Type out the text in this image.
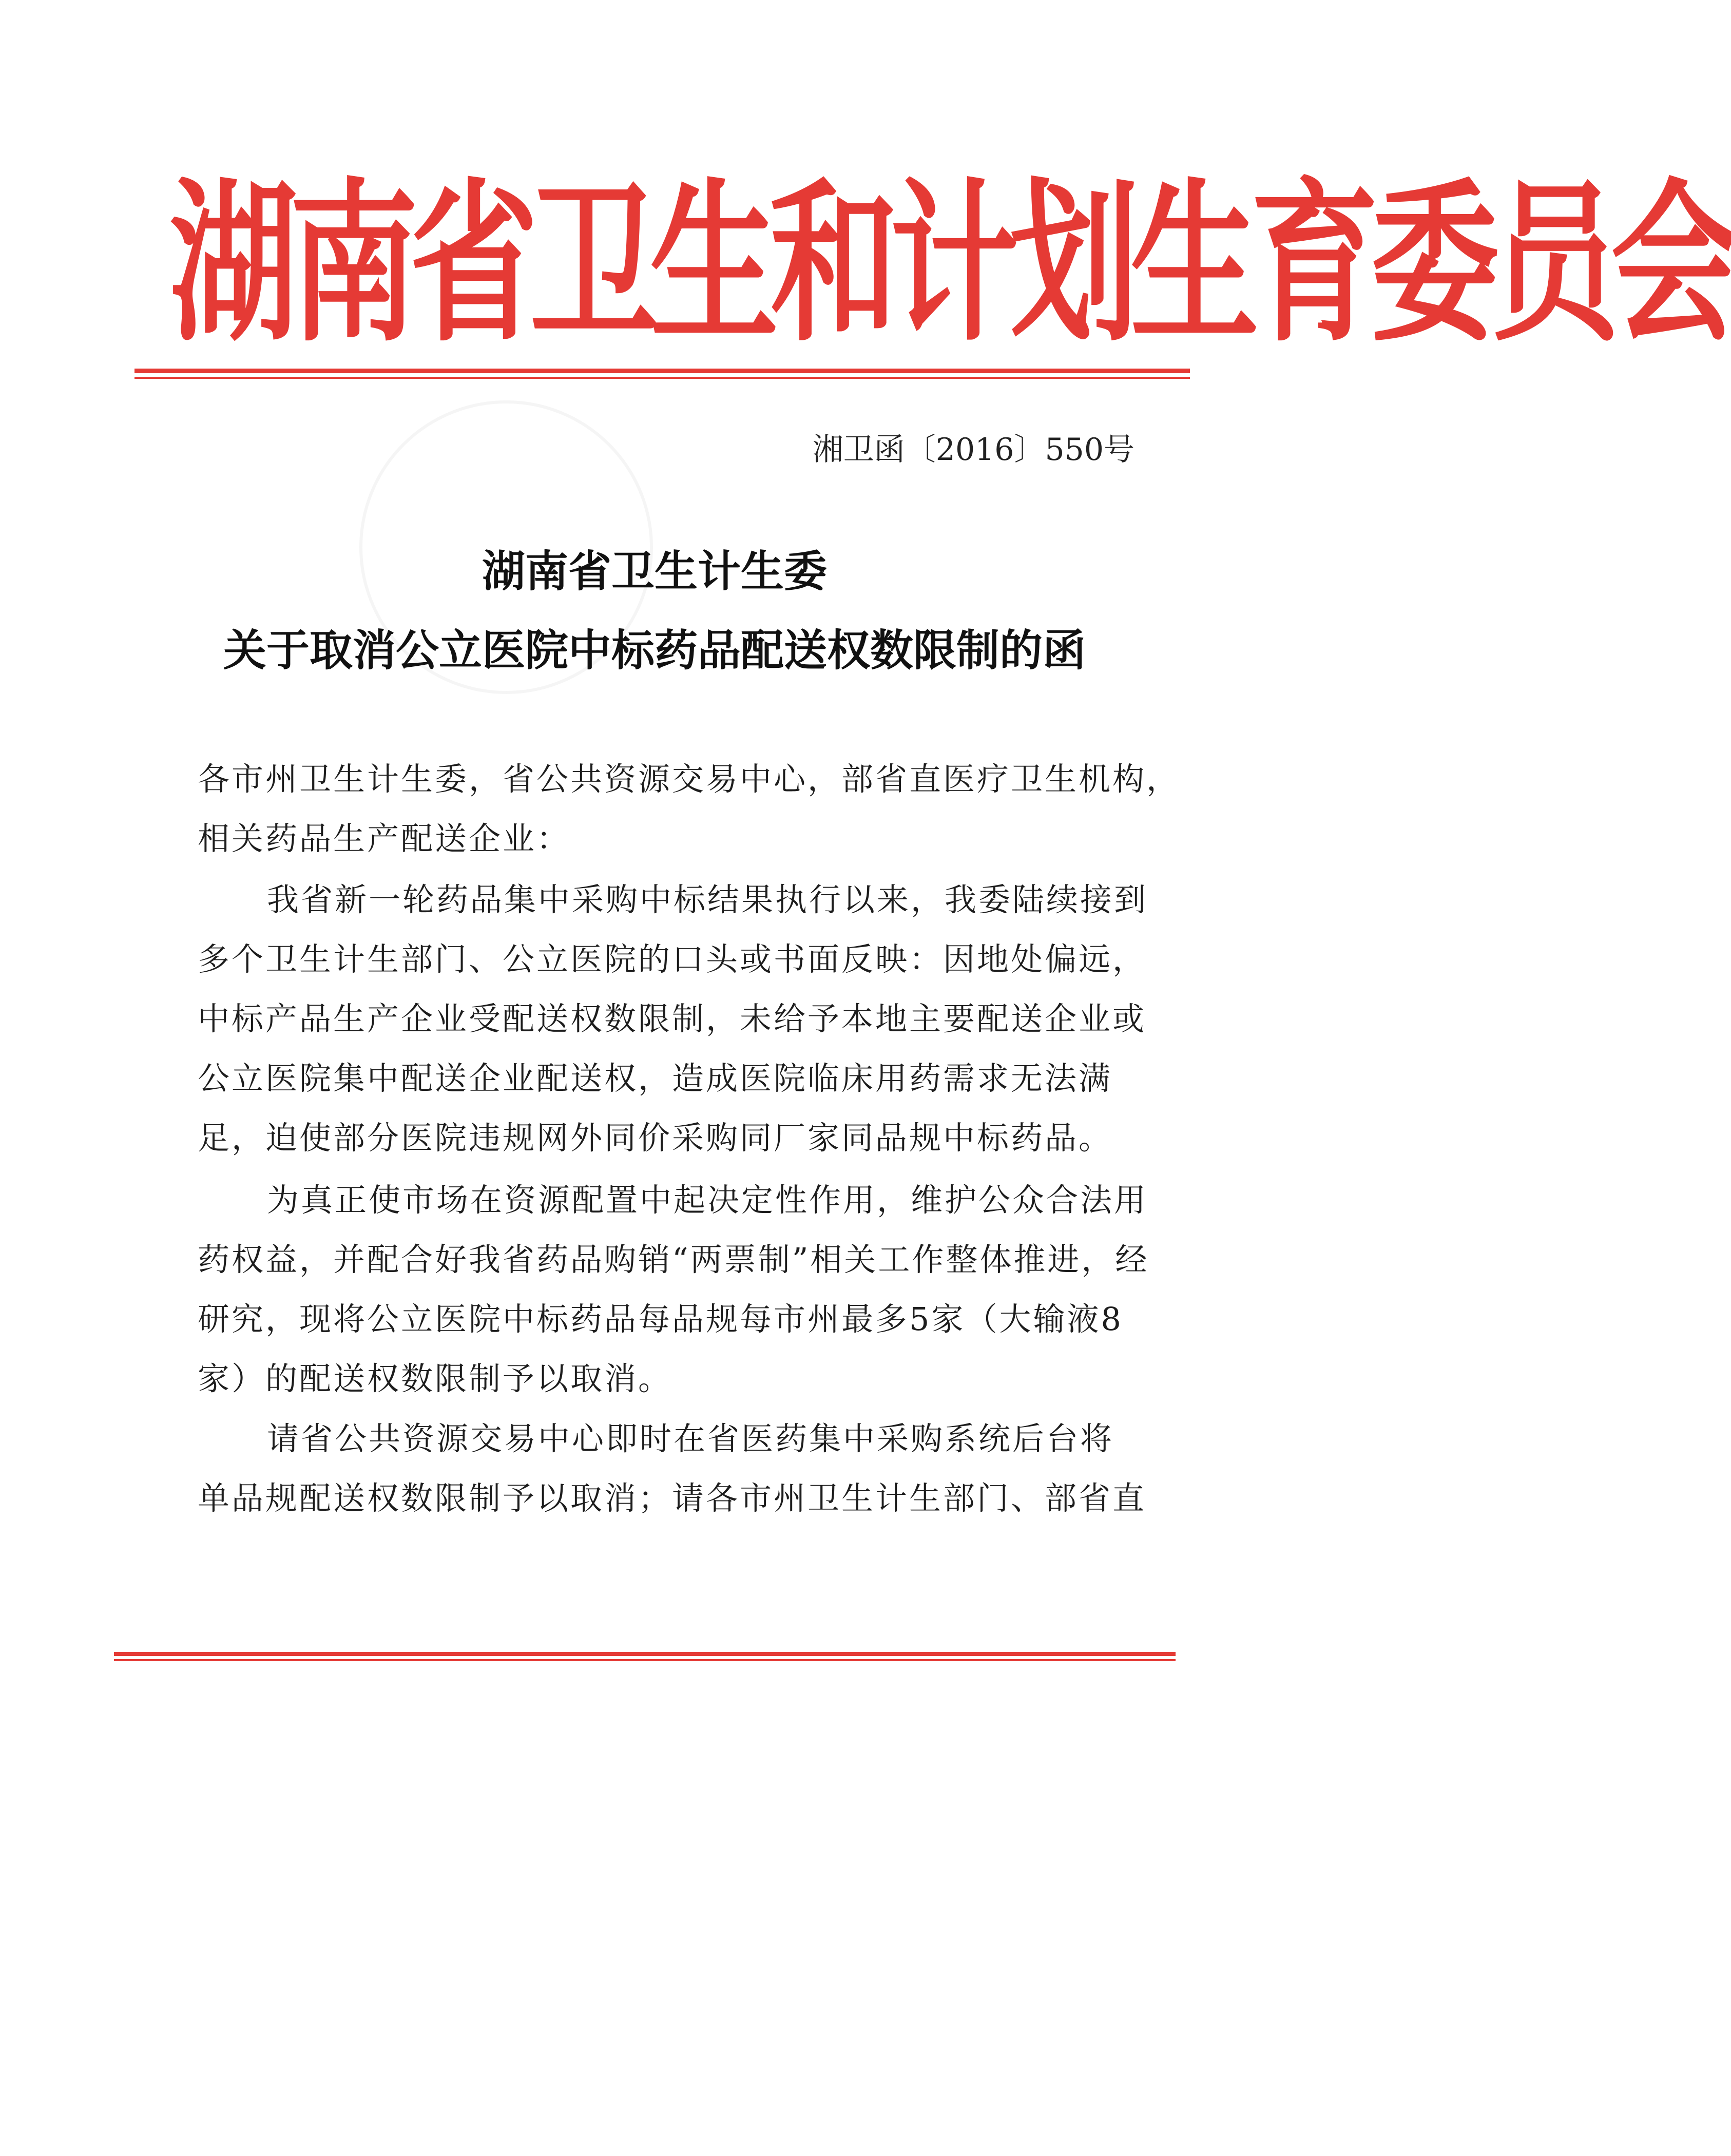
湖南省卫生和计划生育委员会
湘卫函〔2016〕550号
湖南省卫生计生委
关于取消公立医院中标药品配送权数限制的函
各市州卫生计生委，省公共资源交易中心，部省直医疗卫生机构，
相关药品生产配送企业：
我省新一轮药品集中采购中标结果执行以来，我委陆续接到
多个卫生计生部门、公立医院的口头或书面反映：因地处偏远，
中标产品生产企业受配送权数限制，未给予本地主要配送企业或
公立医院集中配送企业配送权，造成医院临床用药需求无法满
足，迫使部分医院违规网外同价采购同厂家同品规中标药品。
为真正使市场在资源配置中起决定性作用，维护公众合法用
药权益，并配合好我省药品购销“两票制”相关工作整体推进，经
研究，现将公立医院中标药品每品规每市州最多5家（大输液8
家）的配送权数限制予以取消。
请省公共资源交易中心即时在省医药集中采购系统后台将
单品规配送权数限制予以取消；请各市州卫生计生部门、部省直
